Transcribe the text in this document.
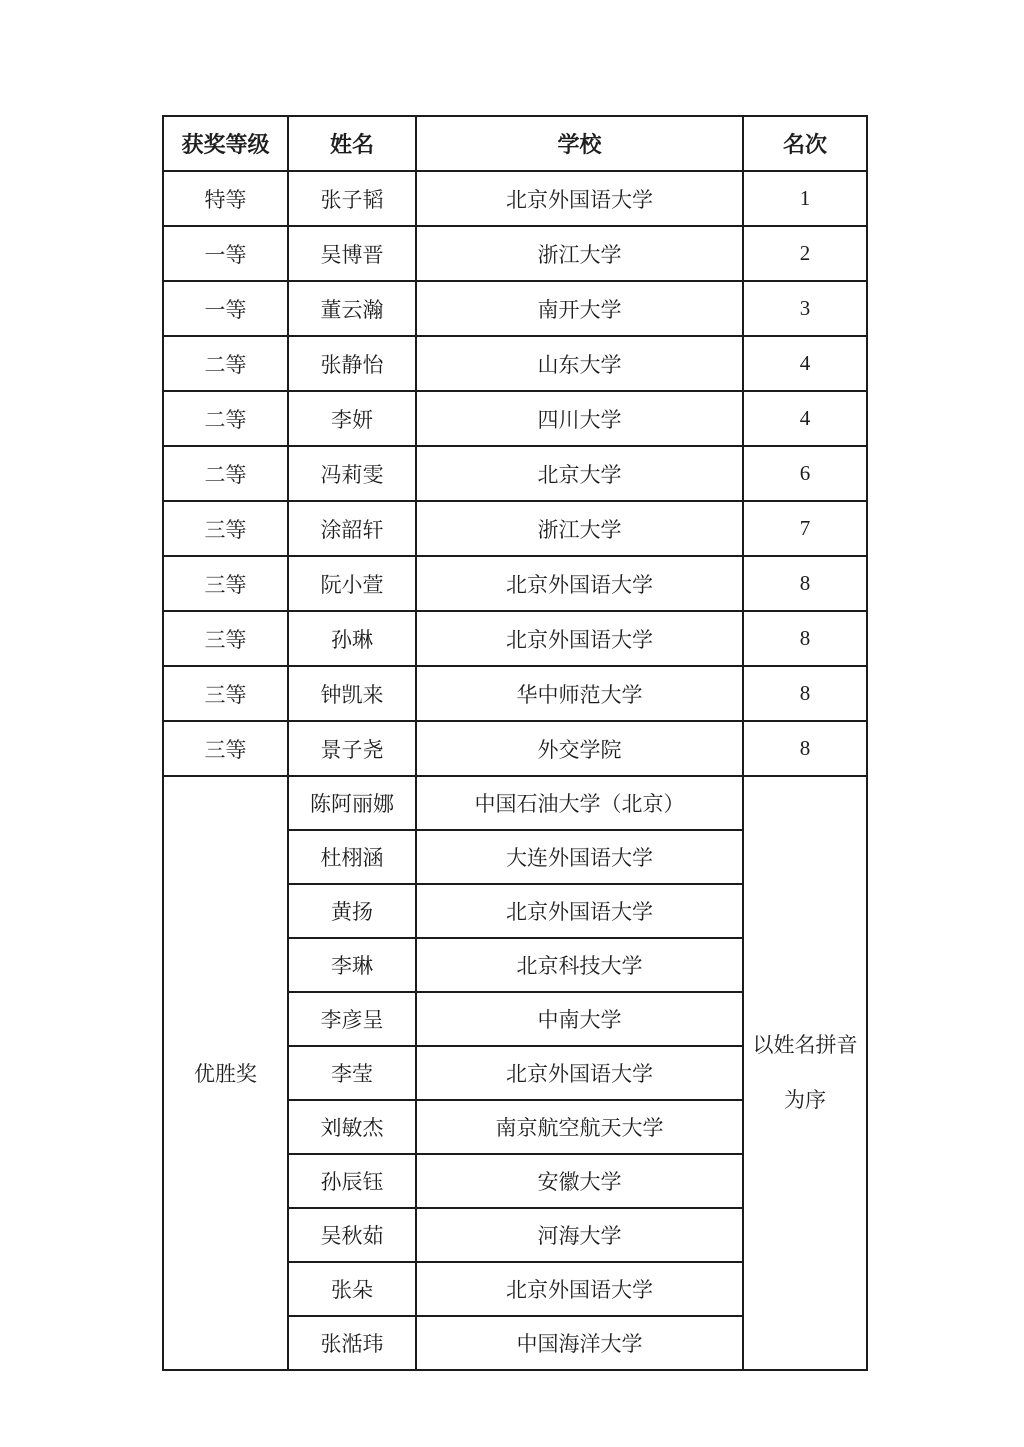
获奖等级	姓名	学校	名次
特等	张子韬	北京外国语大学	1
一等	吴博晋	浙江大学	2
一等	董云瀚	南开大学	3
二等	张静怡	山东大学	4
二等	李妍	四川大学	4
二等	冯莉雯	北京大学	6
三等	涂韶轩	浙江大学	7
三等	阮小萱	北京外国语大学	8
三等	孙琳	北京外国语大学	8
三等	钟凯来	华中师范大学	8
三等	景子尧	外交学院	8
优胜奖	陈阿丽娜	中国石油大学（北京）	以姓名拼音为序
	杜栩涵	大连外国语大学	
	黄扬	北京外国语大学	
	李琳	北京科技大学	
	李彦呈	中南大学	
	李莹	北京外国语大学	
	刘敏杰	南京航空航天大学	
	孙辰钰	安徽大学	
	吴秋茹	河海大学	
	张朵	北京外国语大学	
	张湉玮	中国海洋大学	
